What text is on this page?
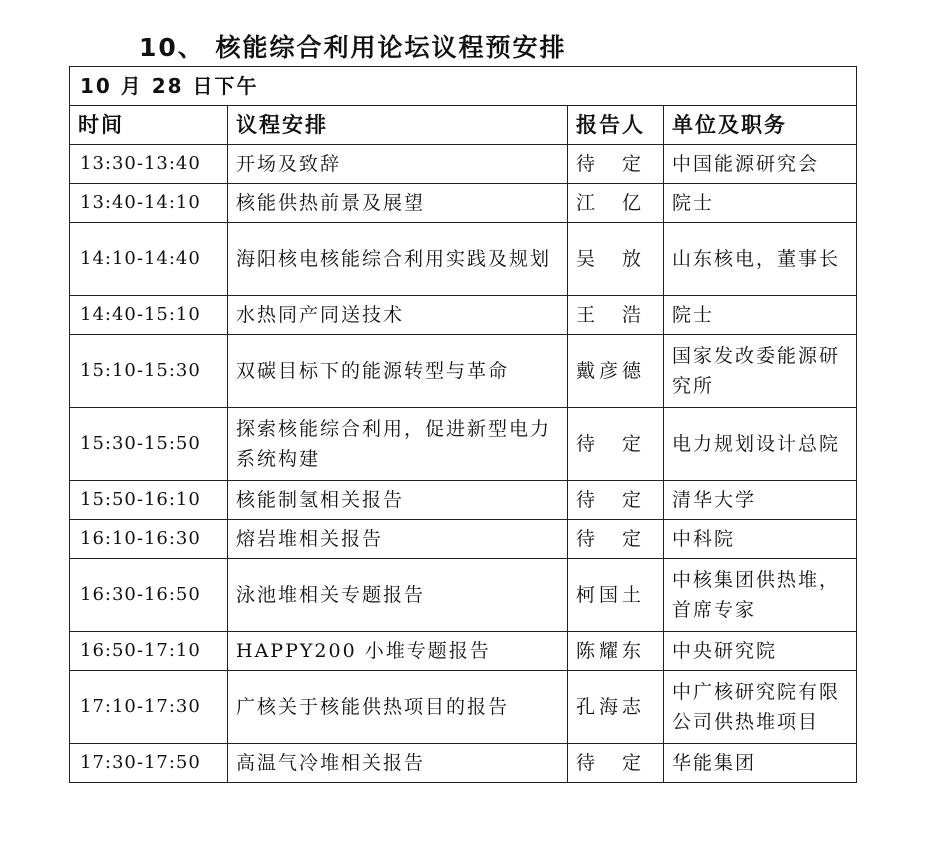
10、 核能综合利用论坛议程预安排
10 月 28 日下午			
时间	议程安排	报告人	单位及职务
13:30-13:40	开场及致辞	待　定	中国能源研究会
13:40-14:10	核能供热前景及展望	江　亿	院士
14:10-14:40	海阳核电核能综合利用实践及规划	吴　放	山东核电，董事长
14:40-15:10	水热同产同送技术	王　浩	院士
15:10-15:30	双碳目标下的能源转型与革命	戴彦德	国家发改委能源研究所
15:30-15:50	探索核能综合利用，促进新型电力系统构建	待　定	电力规划设计总院
15:50-16:10	核能制氢相关报告	待　定	清华大学
16:10-16:30	熔岩堆相关报告	待　定	中科院
16:30-16:50	泳池堆相关专题报告	柯国土	中核集团供热堆，首席专家
16:50-17:10	HAPPY200 小堆专题报告	陈耀东	中央研究院
17:10-17:30	广核关于核能供热项目的报告	孔海志	中广核研究院有限公司供热堆项目
17:30-17:50	高温气冷堆相关报告	待　定	华能集团
